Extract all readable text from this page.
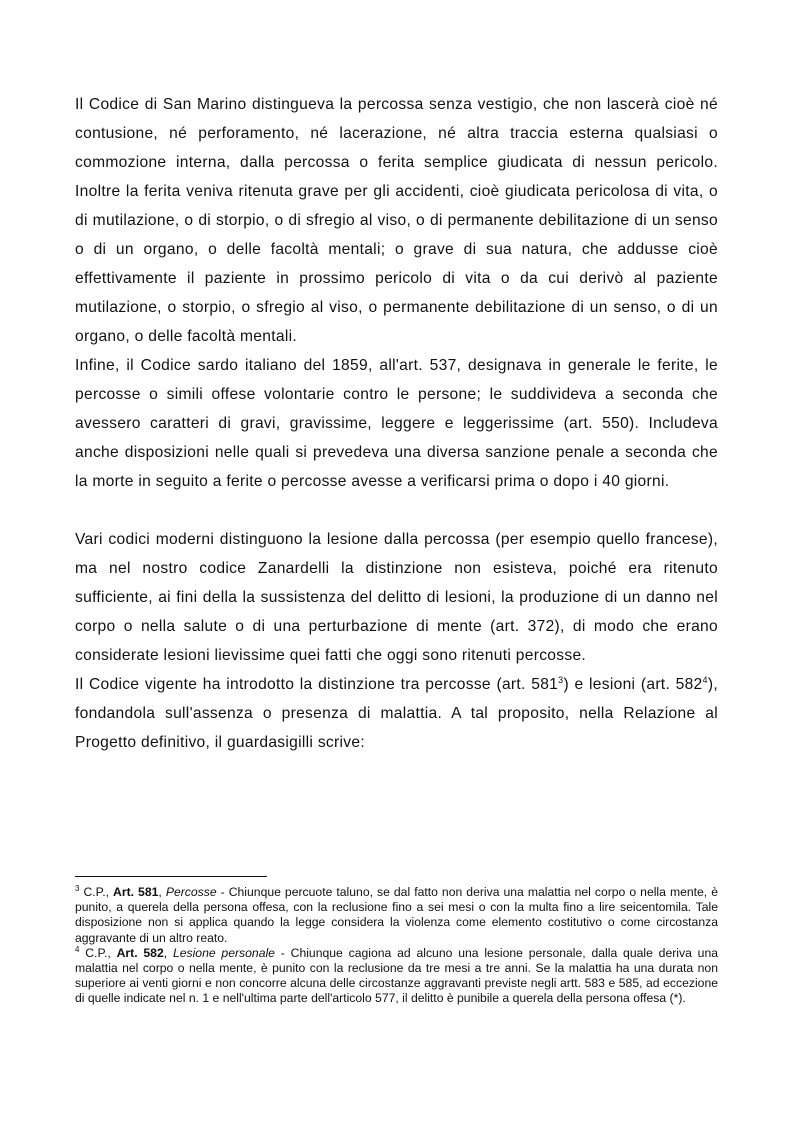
Il Codice di San Marino distingueva la percossa senza vestigio, che non lascerà cioè né contusione, né perforamento, né lacerazione, né altra traccia esterna qualsiasi o commozione interna, dalla percossa o ferita semplice giudicata di nessun pericolo. Inoltre la ferita veniva ritenuta grave per gli accidenti, cioè giudicata pericolosa di vita, o di mutilazione, o di storpio, o di sfregio al viso, o di permanente debilitazione di un senso o di un organo, o delle facoltà mentali; o grave di sua natura, che addusse cioè effettivamente il paziente in prossimo pericolo di vita o da cui derivò al paziente mutilazione, o storpio, o sfregio al viso, o permanente debilitazione di un senso, o di un organo, o delle facoltà mentali.

Infine, il Codice sardo italiano del 1859, all'art. 537, designava in generale le ferite, le percosse o simili offese volontarie contro le persone; le suddivideva a seconda che avessero caratteri di gravi, gravissime, leggere e leggerissime (art. 550). Includeva anche disposizioni nelle quali si prevedeva una diversa sanzione penale a seconda che la morte in seguito a ferite o percosse avesse a verificarsi prima o dopo i 40 giorni.

Vari codici moderni distinguono la lesione dalla percossa (per esempio quello francese), ma nel nostro codice Zanardelli la distinzione non esisteva, poiché era ritenuto sufficiente, ai fini della la sussistenza del delitto di lesioni, la produzione di un danno nel corpo o nella salute o di una perturbazione di mente (art. 372), di modo che erano considerate lesioni lievissime quei fatti che oggi sono ritenuti percosse.

Il Codice vigente ha introdotto la distinzione tra percosse (art. $581^3$) e lesioni (art. $582^4$), fondandola sull'assenza o presenza di malattia. A tal proposito, nella Relazione al Progetto definitivo, il guardasigilli scrive:

$^3$ C.P., Art. 581, Percosse - Chiunque percuote taluno, se dal fatto non deriva una malattia nel corpo o nella mente, è punito, a querela della persona offesa, con la reclusione fino a sei mesi o con la multa fino a lire seicentomila. Tale disposizione non si applica quando la legge considera la violenza come elemento costitutivo o come circostanza aggravante di un altro reato.

$^4$ C.P., Art. 582, Lesione personale - Chiunque cagiona ad alcuno una lesione personale, dalla quale deriva una malattia nel corpo o nella mente, è punito con la reclusione da tre mesi a tre anni. Se la malattia ha una durata non superiore ai venti giorni e non concorre alcuna delle circostanze aggravanti previste negli artt. 583 e 585, ad eccezione di quelle indicate nel n. 1 e nell'ultima parte dell'articolo 577, il delitto è punibile a querela della persona offesa (*).
